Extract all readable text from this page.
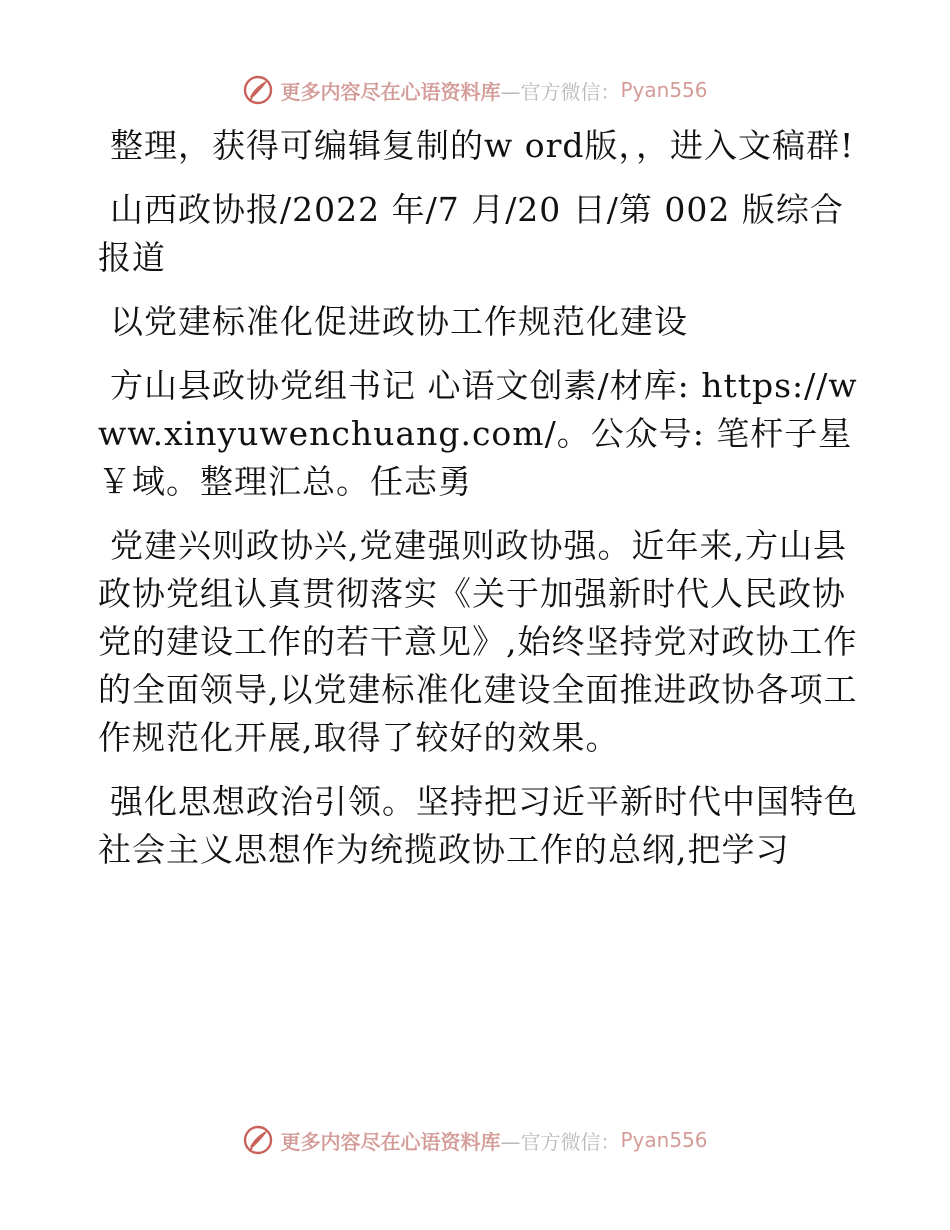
更多内容尽在心语资料库 —官方微信： Pyan556

整理，获得可编辑复制的w ord版，，进入文稿群!

山西政协报/2022 年/7 月/20 日/第 002 版综合报道

以党建标准化促进政协工作规范化建设

方山县政协党组书记 心语文创素/材库: https://www.xinyuwenchuang.com/。公众号: 笔杆子星￥域。整理汇总。任志勇

党建兴则政协兴,党建强则政协强。近年来,方山县政协党组认真贯彻落实《关于加强新时代人民政协党的建设工作的若干意见》,始终坚持党对政协工作的全面领导,以党建标准化建设全面推进政协各项工作规范化开展,取得了较好的效果。

强化思想政治引领。坚持把习近平新时代中国特色社会主义思想作为统揽政协工作的总纲,把学习

更多内容尽在心语资料库 —官方微信： Pyan556
